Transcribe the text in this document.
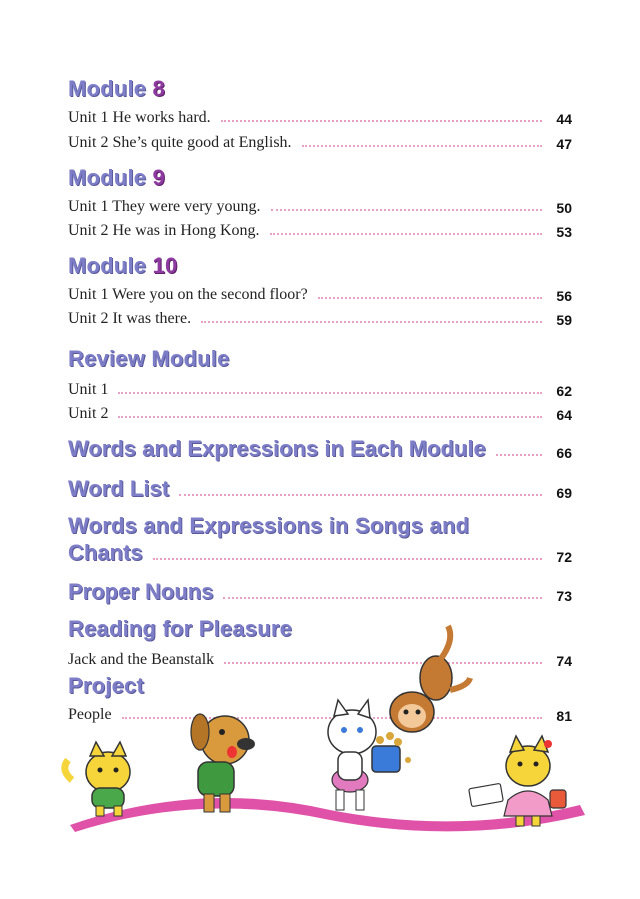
Module 8
Unit 1 He works hard.	44
Unit 2 She’s quite good at English.	47
Module 9
Unit 1 They were very young.	50
Unit 2 He was in Hong Kong.	53
Module 10
Unit 1 Were you on the second floor?	56
Unit 2 It was there.	59
Review Module
Unit 1	62
Unit 2	64
Words and Expressions in Each Module	66
Word List	69
Words and Expressions in Songs and
Chants	72
Proper Nouns	73
Reading for Pleasure
Jack and the Beanstalk	74
Project
People	81
